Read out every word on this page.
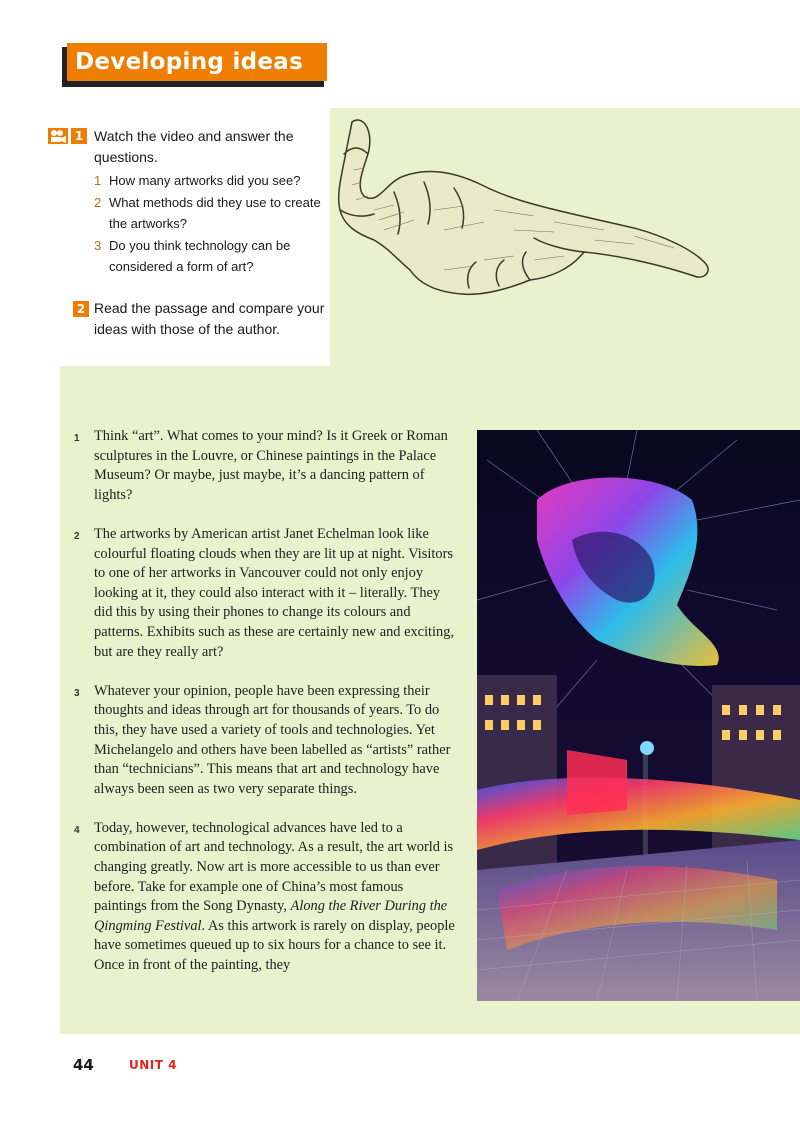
Developing ideas
1 Watch the video and answer the questions.
1 How many artworks did you see?
2 What methods did they use to create the artworks?
3 Do you think technology can be considered a form of art?
2 Read the passage and compare your ideas with those of the author.
1 Think “art”. What comes to your mind? Is it Greek or Roman sculptures in the Louvre, or Chinese paintings in the Palace Museum? Or maybe, just maybe, it’s a dancing pattern of lights?
2 The artworks by American artist Janet Echelman look like colourful floating clouds when they are lit up at night. Visitors to one of her artworks in Vancouver could not only enjoy looking at it, they could also interact with it – literally. They did this by using their phones to change its colours and patterns. Exhibits such as these are certainly new and exciting, but are they really art?
3 Whatever your opinion, people have been expressing their thoughts and ideas through art for thousands of years. To do this, they have used a variety of tools and technologies. Yet Michelangelo and others have been labelled as “artists” rather than “technicians”. This means that art and technology have always been seen as two very separate things.
4 Today, however, technological advances have led to a combination of art and technology. As a result, the art world is changing greatly. Now art is more accessible to us than ever before. Take for example one of China’s most famous paintings from the Song Dynasty, Along the River During the Qingming Festival. As this artwork is rarely on display, people have sometimes queued up to six hours for a chance to see it. Once in front of the painting, they
44	UNIT 4
